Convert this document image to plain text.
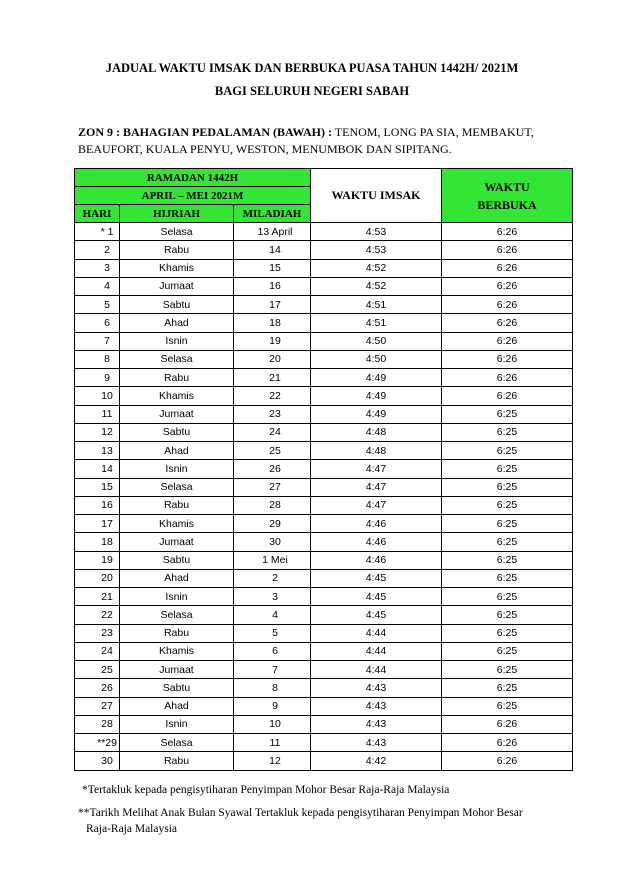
JADUAL WAKTU IMSAK DAN BERBUKA PUASA TAHUN 1442H/ 2021M
BAGI SELURUH NEGERI SABAH
ZON 9 : BAHAGIAN PEDALAMAN (BAWAH) : TENOM, LONG PA SIA, MEMBAKUT, BEAUFORT, KUALA PENYU, WESTON, MENUMBOK DAN SIPITANG.
RAMADAN 1442H			WAKTU IMSAK	WAKTU
BERBUKA
APRIL – MEI 2021M				
HARI	HIJRIAH	MILADIAH		
* 1	Selasa	13 April	4:53	6:26
2	Rabu	14	4:53	6:26
3	Khamis	15	4:52	6:26
4	Jumaat	16	4:52	6:26
5	Sabtu	17	4:51	6:26
6	Ahad	18	4:51	6:26
7	Isnin	19	4:50	6:26
8	Selasa	20	4:50	6:26
9	Rabu	21	4:49	6:26
10	Khamis	22	4:49	6:26
11	Jumaat	23	4:49	6:25
12	Sabtu	24	4:48	6:25
13	Ahad	25	4:48	6:25
14	Isnin	26	4:47	6:25
15	Selasa	27	4:47	6:25
16	Rabu	28	4:47	6:25
17	Khamis	29	4:46	6:25
18	Jumaat	30	4:46	6:25
19	Sabtu	1 Mei	4:46	6:25
20	Ahad	2	4:45	6:25
21	Isnin	3	4:45	6:25
22	Selasa	4	4:45	6:25
23	Rabu	5	4:44	6:25
24	Khamis	6	4:44	6:25
25	Jumaat	7	4:44	6:25
26	Sabtu	8	4:43	6:25
27	Ahad	9	4:43	6:25
28	Isnin	10	4:43	6:26
**29	Selasa	11	4:43	6:26
30	Rabu	12	4:42	6:26
*Tertakluk kepada pengisytiharan Penyimpan Mohor Besar Raja-Raja Malaysia
**Tarikh Melihat Anak Bulan Syawal Tertakluk kepada pengisytiharan Penyimpan Mohor Besar
Raja-Raja Malaysia
